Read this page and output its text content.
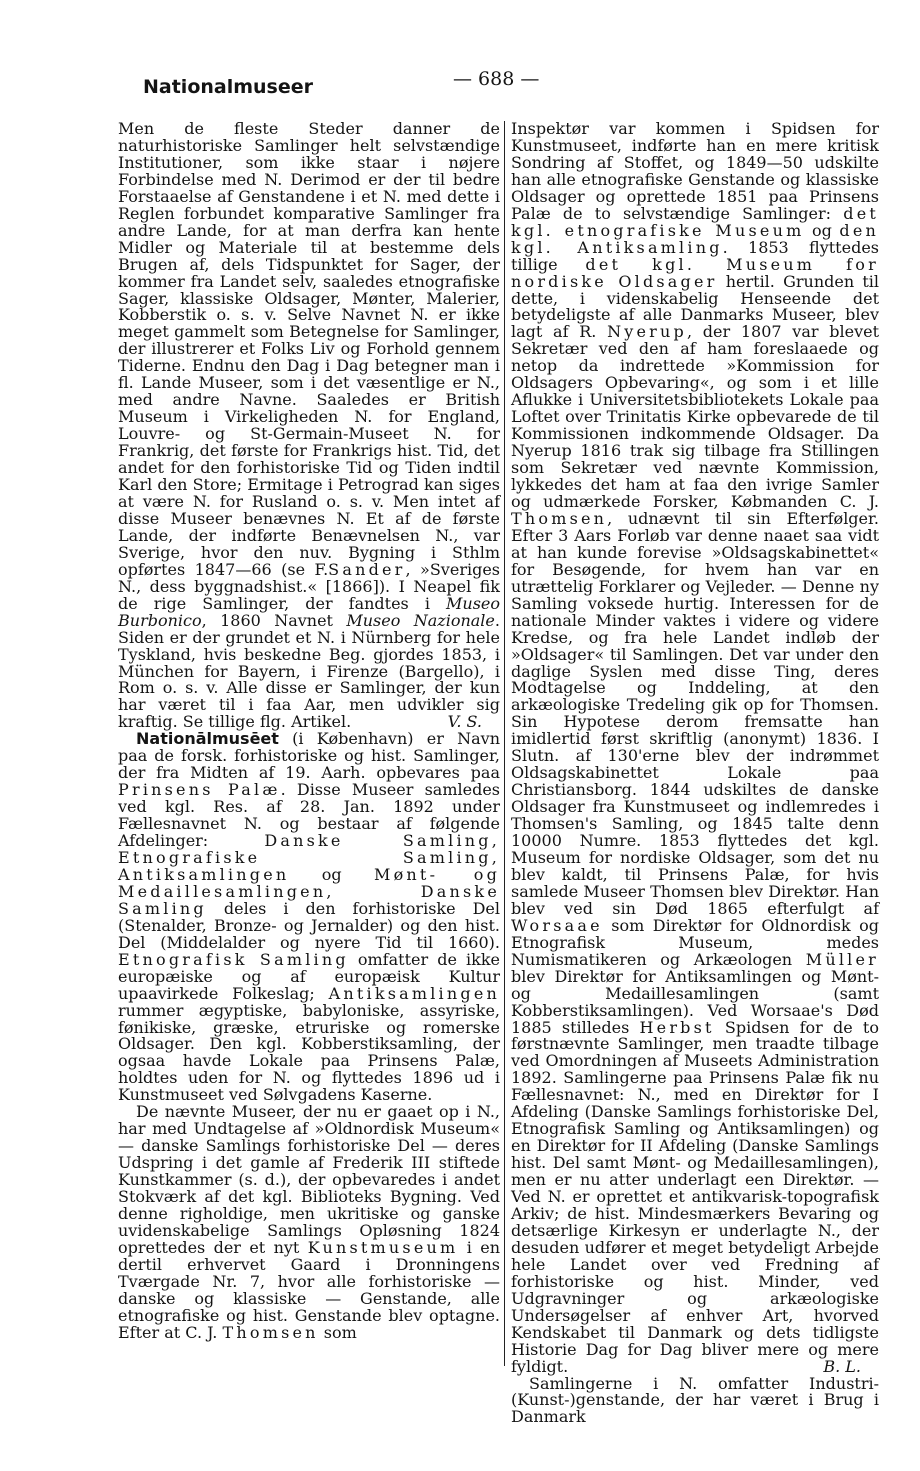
Nationalmuseer	— 688 —

Men de fleste Steder danner de naturhistoriske Samlinger helt selvstændige Institutioner, som ikke staar i nøjere Forbindelse med N. Derimod er der til bedre Forstaaelse af Genstandene i et N. med dette i Reglen forbundet komparative Samlinger fra andre Lande, for at man derfra kan hente Midler og Materiale til at bestemme dels Brugen af, dels Tidspunktet for Sager, der kommer fra Landet selv, saaledes etnografiske Sager, klassiske Oldsager, Mønter, Malerier, Kobberstik o. s. v. Selve Navnet N. er ikke meget gammelt som Betegnelse for Samlinger, der illustrerer et Folks Liv og Forhold gennem Tiderne. Endnu den Dag i Dag betegner man i fl. Lande Museer, som i det væsentlige er N., med andre Navne. Saaledes er British Museum i Virkeligheden N. for England, Louvre- og St-Germain-Museet N. for Frankrig, det første for Frankrigs hist. Tid, det andet for den forhistoriske Tid og Tiden indtil Karl den Store; Ermitage i Petrograd kan siges at være N. for Rusland o. s. v. Men intet af disse Museer benævnes N. Et af de første Lande, der indførte Benævnelsen N., var Sverige, hvor den nuv. Bygning i Sthlm opførtes 1847—66 (se F.Sander, »Sveriges N., dess byggnadshist.« [1866]). I Neapel fik de rige Samlinger, der fandtes i Museo Burbonico, 1860 Navnet Museo Nazionale. Siden er der grundet et N. i Nürnberg for hele Tyskland, hvis beskedne Beg. gjordes 1853, i München for Bayern, i Firenze (Bargello), i Rom o. s. v. Alle disse er Samlinger, der kun har været til i faa Aar, men udvikler sig kraftig. Se tillige flg. Artikel.	V. S.

Nationālmusēet (i København) er Navn paa de forsk. forhistoriske og hist. Samlinger, der fra Midten af 19. Aarh. opbevares paa Prinsens Palæ. Disse Museer samledes ved kgl. Res. af 28. Jan. 1892 under Fællesnavnet N. og bestaar af følgende Afdelinger:	Danske Samling, Etnografiske Samling, Antiksamlingen og Mønt- og Medaillesamlingen,	Danske Samling deles i den forhistoriske Del (Stenalder, Bronze- og Jernalder) og den hist. Del (Middelalder og nyere Tid til 1660). Etnografisk Samling omfatter de ikke europæiske og af europæisk Kultur upaavirkede Folkeslag; Antiksamlingen rummer ægyptiske, babyloniske, assyriske, fønikiske, græske, etruriske og romerske Oldsager. Den kgl. Kobberstiksamling, der ogsaa havde Lokale paa Prinsens Palæ, holdtes uden for N. og flyttedes 1896 ud i Kunstmuseet ved Sølvgadens Kaserne.

De nævnte Museer, der nu er gaaet op i N., har med Undtagelse af »Oldnordisk Museum« — danske Samlings forhistoriske Del — deres Udspring i det gamle af Frederik III stiftede Kunstkammer (s. d.), der opbevaredes i andet Stokværk af det kgl. Biblioteks Bygning. Ved denne righoldige, men ukritiske og ganske uvidenskabelige Samlings Opløsning 1824 oprettedes der et nyt Kunstmuseum i en dertil erhvervet Gaard i Dronningens Tværgade Nr. 7, hvor alle forhistoriske — danske og klassiske — Genstande, alle etnografiske og hist. Genstande blev optagne. Efter at C. J. Thomsen som

Inspektør var kommen i Spidsen for Kunstmuseet, indførte han en mere kritisk Sondring af Stoffet, og 1849—50 udskilte han alle etnografiske Genstande og klassiske Oldsager og oprettede 1851 paa Prinsens Palæ de to selvstændige Samlinger: det kgl. etnografiske Museum og den kgl. Antiksamling. 1853 flyttedes tillige det kgl. Museum for nordiske Oldsager hertil. Grunden til dette, i videnskabelig Henseende det betydeligste af alle Danmarks Museer, blev lagt af R. Nyerup, der 1807 var blevet Sekretær ved den af ham foreslaaede og netop da indrettede »Kommission for Oldsagers Opbevaring«, og som i et lille Aflukke i Universitetsbibliotekets Lokale paa Loftet over Trinitatis Kirke opbevarede de til Kommissionen indkommende Oldsager. Da Nyerup 1816 trak sig tilbage fra Stillingen som Sekretær ved nævnte Kommission, lykkedes det ham at faa den ivrige Samler og udmærkede Forsker, Købmanden C. J. Thomsen, udnævnt til sin Efterfølger. Efter 3 Aars Forløb var denne naaet saa vidt at han kunde forevise »Oldsagskabinettet« for Besøgende, for hvem han var en utrættelig Forklarer og Vejleder. — Denne ny Samling voksede hurtig. Interessen for de nationale Minder vaktes i videre og videre Kredse, og fra hele Landet indløb der »Oldsager« til Samlingen. Det var under den daglige Syslen med disse Ting, deres Modtagelse og Inddeling, at den arkæologiske Tredeling gik op for Thomsen. Sin Hypotese derom fremsatte han imidlertid først skriftlig (anonymt) 1836. I Slutn. af 130'erne blev der indrømmet Oldsagskabinettet Lokale paa Christiansborg. 1844 udskiltes de danske Oldsager fra Kunstmuseet og indlemredes i Thomsen's Samling, og 1845 talte denn 10000 Numre. 1853 flyttedes det kgl. Museum for nordiske Oldsager, som det nu blev kaldt, til Prinsens Palæ, for hvis samlede Museer Thomsen blev Direktør. Han blev ved sin Død 1865 efterfulgt af Worsaae som Direktør for Oldnordisk og Etnografisk Museum, medes Numismatikeren og Arkæologen Müller blev Direktør for Antiksamlingen og Mønt- og Medaillesamlingen (samt Kobberstiksamlingen). Ved Worsaae's Død 1885 stilledes Herbst Spidsen for de to førstnævnte Samlinger, men traadte tilbage ved Omordningen af Museets Administration 1892. Samlingerne paa Prinsens Palæ fik nu Fællesnavnet: N., med en Direktør for I Afdeling (Danske Samlings forhistoriske Del, Etnografisk Samling og Antiksamlingen) og en Direktør for II Afdeling (Danske Samlings hist. Del samt Mønt- og Medaillesamlingen), men er nu atter underlagt een Direktør. — Ved N. er oprettet et antikvarisk-topografisk Arkiv; de hist. Mindesmærkers Bevaring og detsærlige Kirkesyn er underlagte N., der desuden udfører et meget betydeligt Arbejde hele Landet over ved Fredning af forhistoriske og hist. Minder, ved Udgravninger og arkæologiske Undersøgelser af enhver Art, hvorved Kendskabet til Danmark og dets tidligste Historie Dag for Dag bliver mere og mere fyldigt.	B. L.

Samlingerne i N. omfatter Industri- (Kunst-)genstande, der har været i Brug i Danmark
